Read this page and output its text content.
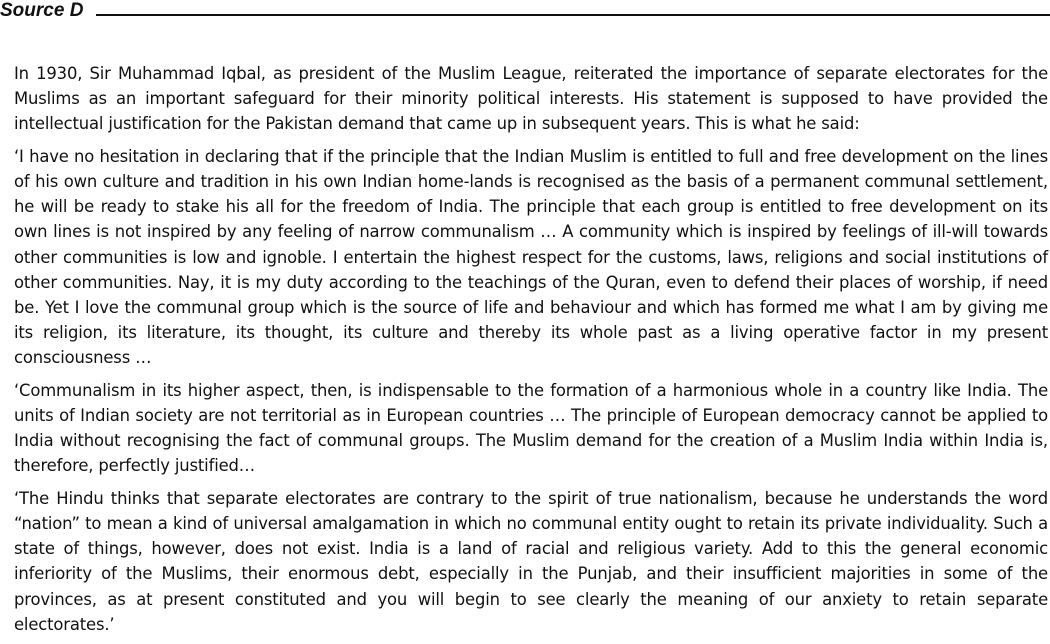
Source D

In 1930, Sir Muhammad Iqbal, as president of the Muslim League, reiterated the importance of separate electorates for the Muslims as an important safeguard for their minority political interests. His statement is supposed to have provided the intellectual justification for the Pakistan demand that came up in subsequent years. This is what he said:

‘I have no hesitation in declaring that if the principle that the Indian Muslim is entitled to full and free development on the lines of his own culture and tradition in his own Indian home-lands is recognised as the basis of a permanent communal settlement, he will be ready to stake his all for the freedom of India. The principle that each group is entitled to free development on its own lines is not inspired by any feeling of narrow communalism … A community which is inspired by feelings of ill-will towards other communities is low and ignoble. I entertain the highest respect for the customs, laws, religions and social institutions of other communities. Nay, it is my duty according to the teachings of the Quran, even to defend their places of worship, if need be. Yet I love the communal group which is the source of life and behaviour and which has formed me what I am by giving me its religion, its literature, its thought, its culture and thereby its whole past as a living operative factor in my present consciousness …

‘Communalism in its higher aspect, then, is indispensable to the formation of a harmonious whole in a country like India. The units of Indian society are not territorial as in European countries … The principle of European democracy cannot be applied to India without recognising the fact of communal groups. The Muslim demand for the creation of a Muslim India within India is, therefore, perfectly justified…

‘The Hindu thinks that separate electorates are contrary to the spirit of true nationalism, because he understands the word “nation” to mean a kind of universal amalgamation in which no communal entity ought to retain its private individuality. Such a state of things, however, does not exist. India is a land of racial and religious variety. Add to this the general economic inferiority of the Muslims, their enormous debt, especially in the Punjab, and their insufficient majorities in some of the provinces, as at present constituted and you will begin to see clearly the meaning of our anxiety to retain separate electorates.’
